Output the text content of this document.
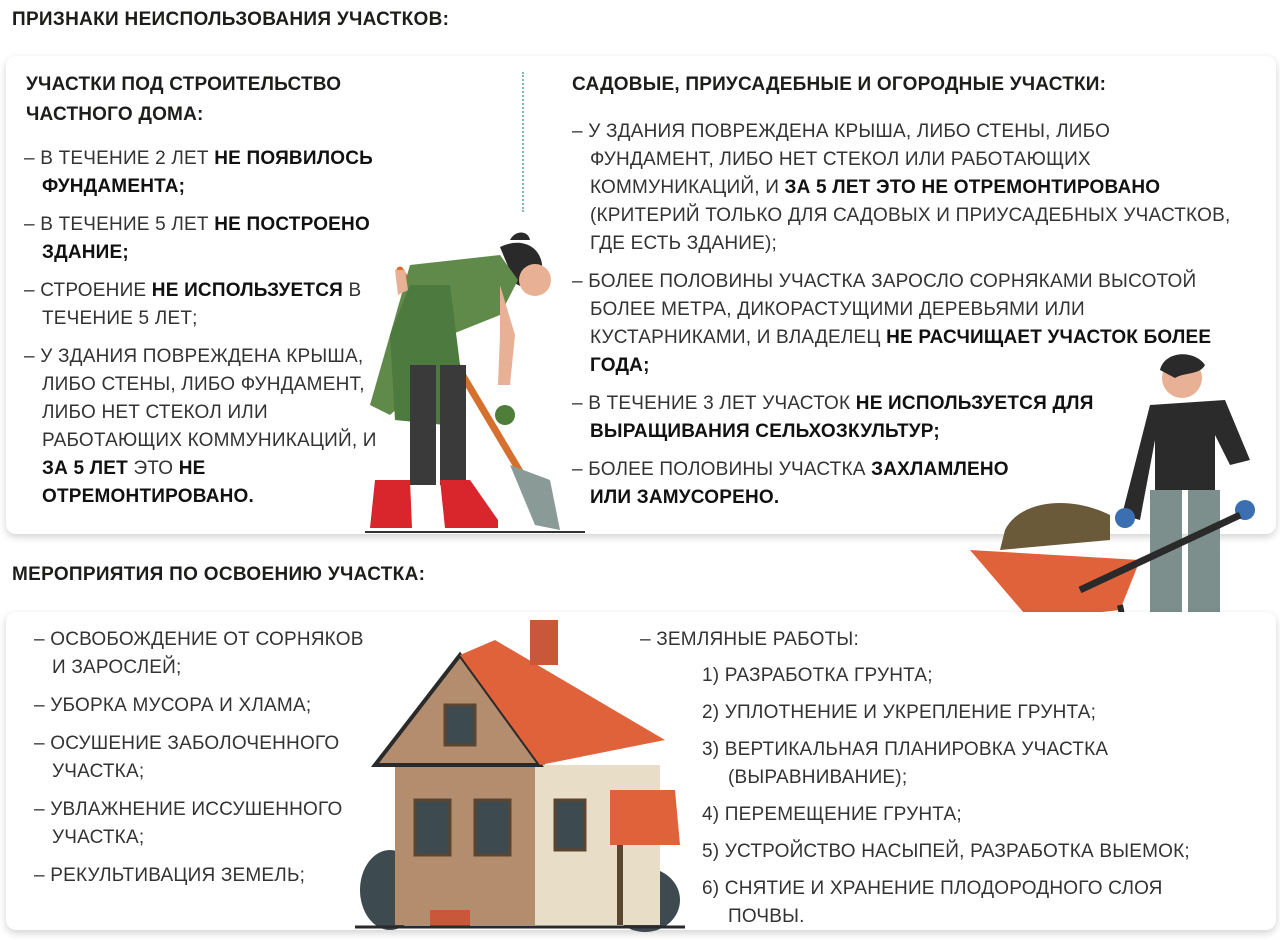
ПРИЗНАКИ НЕИСПОЛЬЗОВАНИЯ УЧАСТКОВ:
УЧАСТКИ ПОД СТРОИТЕЛЬСТВО
ЧАСТНОГО ДОМА:
– В ТЕЧЕНИЕ 2 ЛЕТ НЕ ПОЯВИЛОСЬ ФУНДАМЕНТА;
– В ТЕЧЕНИЕ 5 ЛЕТ НЕ ПОСТРОЕНО ЗДАНИЕ;
– СТРОЕНИЕ НЕ ИСПОЛЬЗУЕТСЯ В ТЕЧЕНИЕ 5 ЛЕТ;
– У ЗДАНИЯ ПОВРЕЖДЕНА КРЫША, ЛИБО СТЕНЫ, ЛИБО ФУНДАМЕНТ, ЛИБО НЕТ СТЕКОЛ ИЛИ РАБОТАЮЩИХ КОММУНИКАЦИЙ, И ЗА 5 ЛЕТ ЭТО НЕ ОТРЕМОНТИРОВАНО.
САДОВЫЕ, ПРИУСАДЕБНЫЕ И ОГОРОДНЫЕ УЧАСТКИ:
– У ЗДАНИЯ ПОВРЕЖДЕНА КРЫША, ЛИБО СТЕНЫ, ЛИБО ФУНДАМЕНТ, ЛИБО НЕТ СТЕКОЛ ИЛИ РАБОТАЮЩИХ КОММУНИКАЦИЙ, И ЗА 5 ЛЕТ ЭТО НЕ ОТРЕМОНТИРОВАНО (КРИТЕРИЙ ТОЛЬКО ДЛЯ САДОВЫХ И ПРИУСАДЕБНЫХ УЧАСТКОВ, ГДЕ ЕСТЬ ЗДАНИЕ);
– БОЛЕЕ ПОЛОВИНЫ УЧАСТКА ЗАРОСЛО СОРНЯКАМИ ВЫСОТОЙ БОЛЕЕ МЕТРА, ДИКОРАСТУЩИМИ ДЕРЕВЬЯМИ ИЛИ КУСТАРНИКАМИ, И ВЛАДЕЛЕЦ НЕ РАСЧИЩАЕТ УЧАСТОК БОЛЕЕ ГОДА;
– В ТЕЧЕНИЕ 3 ЛЕТ УЧАСТОК НЕ ИСПОЛЬЗУЕТСЯ ДЛЯ ВЫРАЩИВАНИЯ СЕЛЬХОЗКУЛЬТУР;
– БОЛЕЕ ПОЛОВИНЫ УЧАСТКА ЗАХЛАМЛЕНО ИЛИ ЗАМУСОРЕНО.
МЕРОПРИЯТИЯ ПО ОСВОЕНИЮ УЧАСТКА:
– ОСВОБОЖДЕНИЕ ОТ СОРНЯКОВ И ЗАРОСЛЕЙ;
– УБОРКА МУСОРА И ХЛАМА;
– ОСУШЕНИЕ ЗАБОЛОЧЕННОГО УЧАСТКА;
– УВЛАЖНЕНИЕ ИССУШЕННОГО УЧАСТКА;
– РЕКУЛЬТИВАЦИЯ ЗЕМЕЛЬ;
– ЗЕМЛЯНЫЕ РАБОТЫ:
1) РАЗРАБОТКА ГРУНТА;
2) УПЛОТНЕНИЕ И УКРЕПЛЕНИЕ ГРУНТА;
3) ВЕРТИКАЛЬНАЯ ПЛАНИРОВКА УЧАСТКА (ВЫРАВНИВАНИЕ);
4) ПЕРЕМЕЩЕНИЕ ГРУНТА;
5) УСТРОЙСТВО НАСЫПЕЙ, РАЗРАБОТКА ВЫЕМОК;
6) СНЯТИЕ И ХРАНЕНИЕ ПЛОДОРОДНОГО СЛОЯ ПОЧВЫ.
